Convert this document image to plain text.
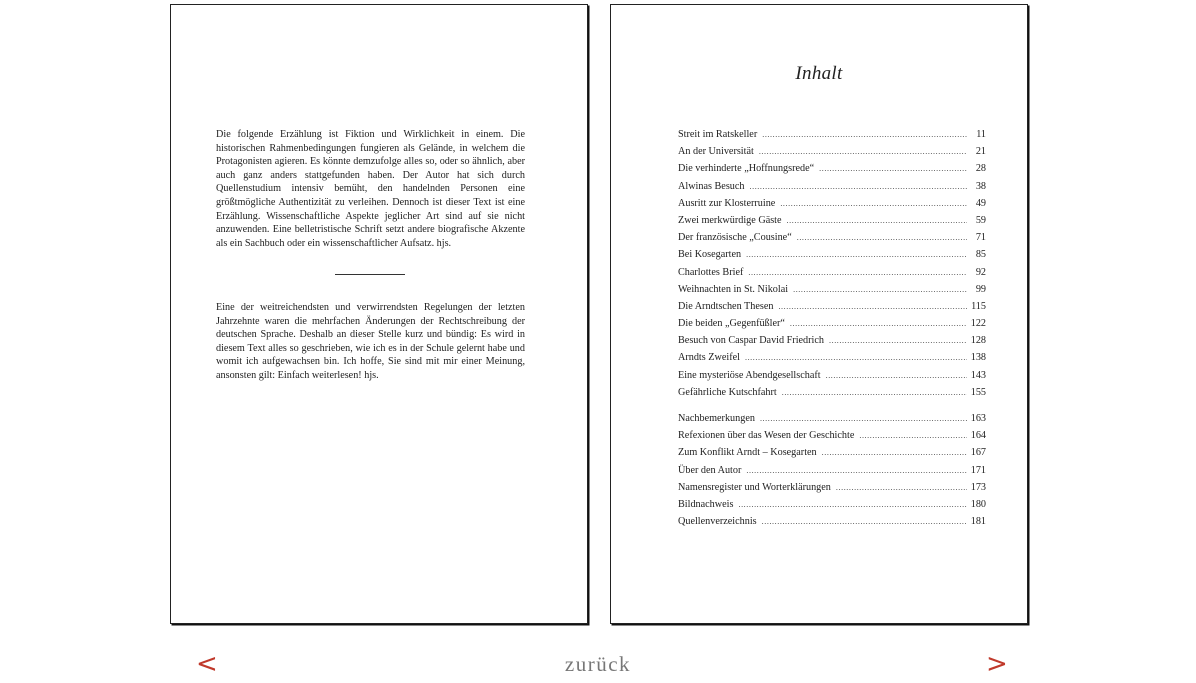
Die folgende Erzählung ist Fiktion und Wirklichkeit in einem. Die historischen Rahmenbedingungen fungieren als Gelände, in welchem die Protagonisten agieren. Es könnte demzufolge alles so, oder so ähnlich, aber auch ganz anders stattgefunden haben. Der Autor hat sich durch Quellenstudium intensiv bemüht, den handelnden Personen eine größtmögliche Authentizität zu verleihen. Dennoch ist dieser Text ist eine Erzählung. Wissenschaftliche Aspekte jeglicher Art sind auf sie nicht anzuwenden. Eine belletristische Schrift setzt andere biografische Akzente als ein Sachbuch oder ein wissenschaftlicher Aufsatz. hjs.

Eine der weitreichendsten und verwirrendsten Regelungen der letzten Jahrzehnte waren die mehrfachen Änderungen der Rechtschreibung der deutschen Sprache. Deshalb an dieser Stelle kurz und bündig: Es wird in diesem Text alles so geschrieben, wie ich es in der Schule gelernt habe und womit ich aufgewachsen bin. Ich hoffe, Sie sind mit mir einer Meinung, ansonsten gilt: Einfach weiterlesen! hjs.

Inhalt
Streit im Ratskeller .....	11
An der Universität .....	21
Die verhinderte „Hoffnungsrede“ .....	28
Alwinas Besuch .....	38
Ausritt zur Klosterruine .....	49
Zwei merkwürdige Gäste .....	59
Der französische „Cousine“ .....	71
Bei Kosegarten .....	85
Charlottes Brief .....	92
Weihnachten in St. Nikolai .....	99
Die Arndtschen Thesen .....	115
Die beiden „Gegenfüßler“ .....	122
Besuch von Caspar David Friedrich .....	128
Arndts Zweifel .....	138
Eine mysteriöse Abendgesellschaft .....	143
Gefährliche Kutschfahrt .....	155
Nachbemerkungen .....	163
Refexionen über das Wesen der Geschichte .....	164
Zum Konflikt Arndt – Kosegarten .....	167
Über den Autor .....	171
Namensregister und Worterklärungen .....	173
Bildnachweis .....	180
Quellenverzeichnis .....	181
<	zurück	>
